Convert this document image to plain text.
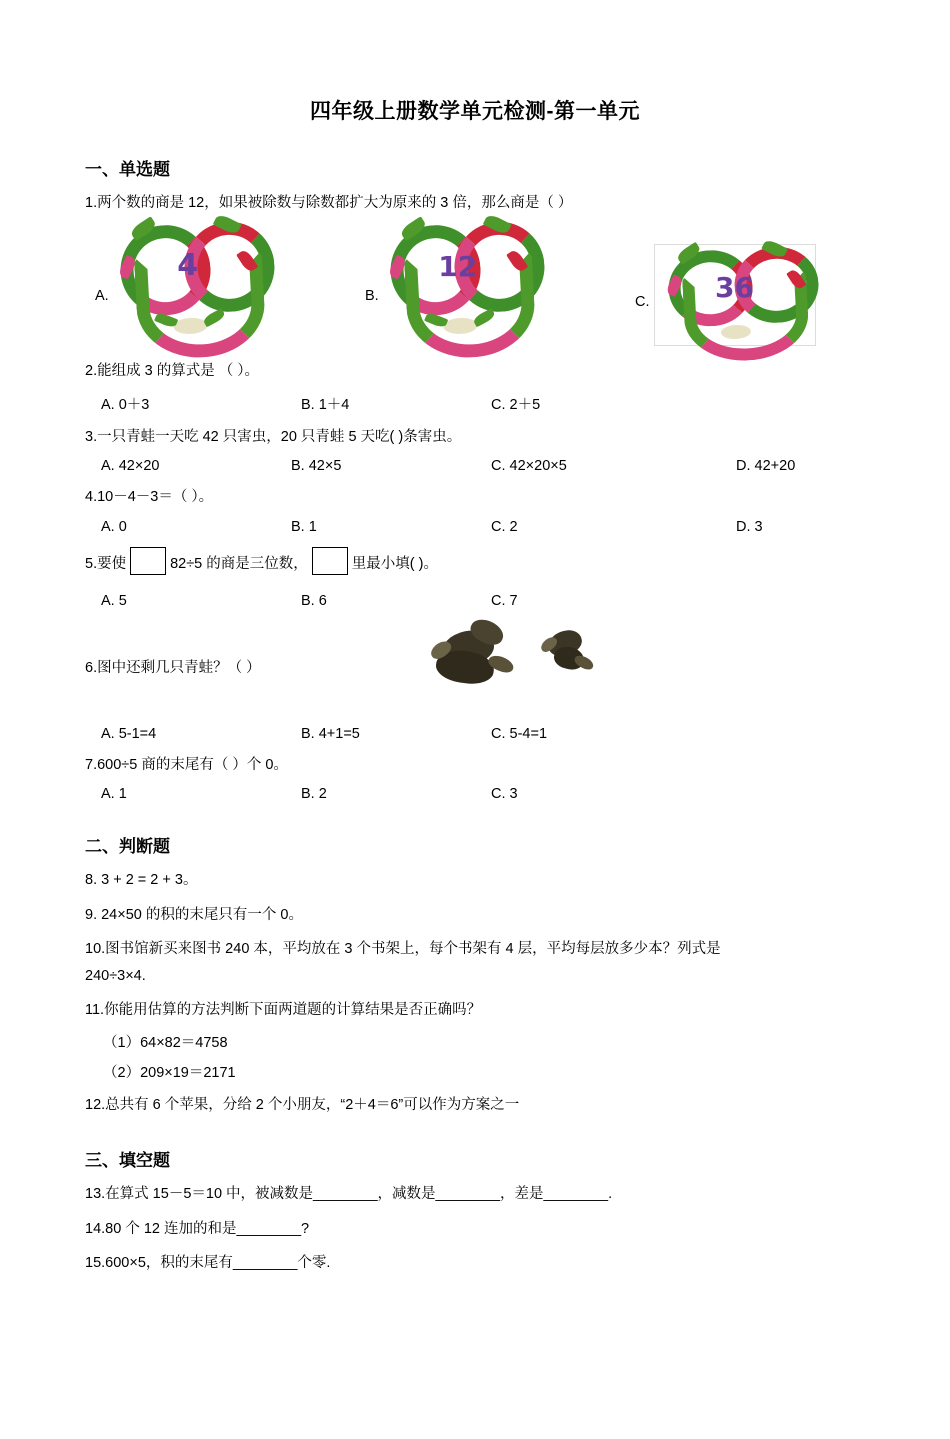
四年级上册数学单元检测-第一单元
一、单选题
1.两个数的商是 12，如果被除数与除数都扩大为原来的 3 倍，那么商是（ ）
A.
4
B.
12
C.	36
2.能组成 3 的算式是 （ ）。
A. 0＋3	B. 1＋4	C. 2＋5
3.一只青蛙一天吃 42 只害虫，20 只青蛙 5 天吃( )条害虫。
A. 42×20	B. 42×5	C. 42×20×5	D. 42+20
4.10－4－3＝（ ）。
A. 0	B. 1	C. 2	D. 3
5.要使	82÷5 的商是三位数，	里最小填( )。
A. 5	B. 6	C. 7
6.图中还剩几只青蛙？（ ）
A. 5-1=4	B. 4+1=5	C. 5-4=1
7.600÷5 商的末尾有（ ）个 0。
A. 1	B. 2	C. 3
二、判断题
8. 3 + 2 = 2 + 3。
9. 24×50 的积的末尾只有一个 0。
10.图书馆新买来图书 240 本，平均放在 3 个书架上，每个书架有 4 层，平均每层放多少本？列式是
240÷3×4.
11.你能用估算的方法判断下面两道题的计算结果是否正确吗？
（1）64×82＝4758
（2）209×19＝2171
12.总共有 6 个苹果，分给 2 个小朋友，“2＋4＝6”可以作为方案之一
三、填空题
13.在算式 15－5＝10 中，被减数是________，减数是________，差是________.
14.80 个 12 连加的和是________?
15.600×5，积的末尾有________个零.
